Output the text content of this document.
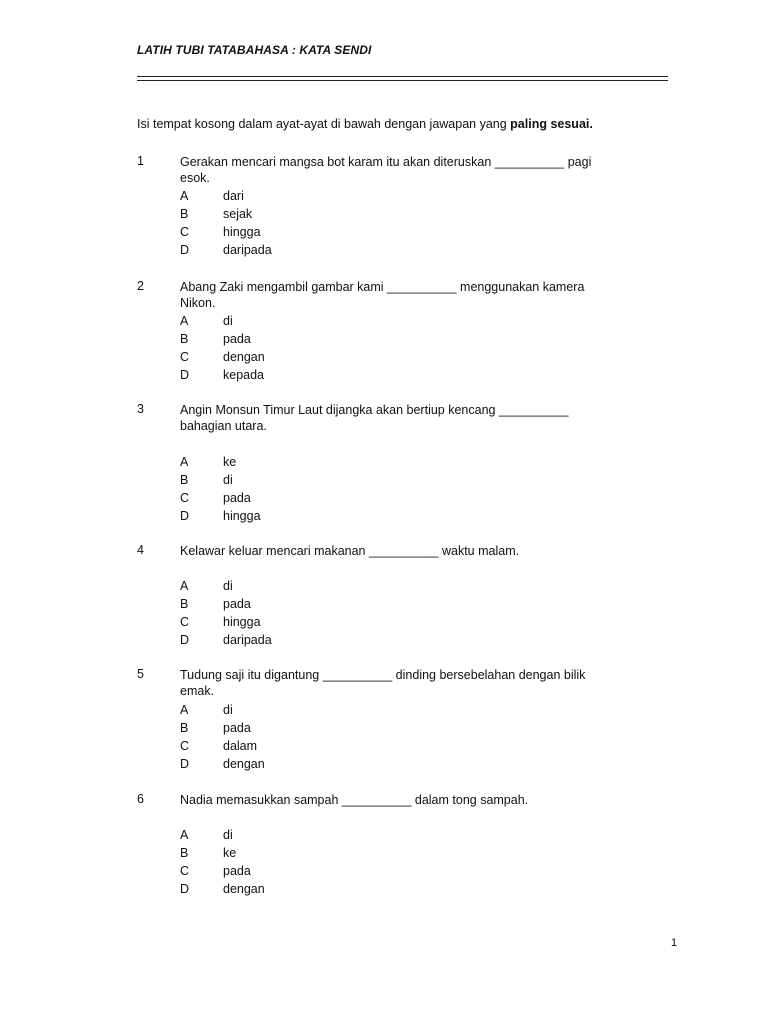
LATIH TUBI TATABAHASA : KATA SENDI
Isi tempat kosong dalam ayat-ayat di bawah dengan jawapan yang paling sesuai.
1	Gerakan mencari mangsa bot karam itu akan diteruskan __________ pagi esok.
A	dari
B	sejak
C	hingga
D	daripada
2	Abang Zaki mengambil gambar kami __________ menggunakan kamera Nikon.
A	di
B	pada
C	dengan
D	kepada
3	Angin Monsun Timur Laut dijangka akan bertiup kencang __________ bahagian utara.
A	ke
B	di
C	pada
D	hingga
4	Kelawar keluar mencari makanan __________ waktu malam.
A	di
B	pada
C	hingga
D	daripada
5	Tudung saji itu digantung __________ dinding bersebelahan dengan bilik emak.
A	di
B	pada
C	dalam
D	dengan
6	Nadia memasukkan sampah __________ dalam tong sampah.
A	di
B	ke
C	pada
D	dengan
1
